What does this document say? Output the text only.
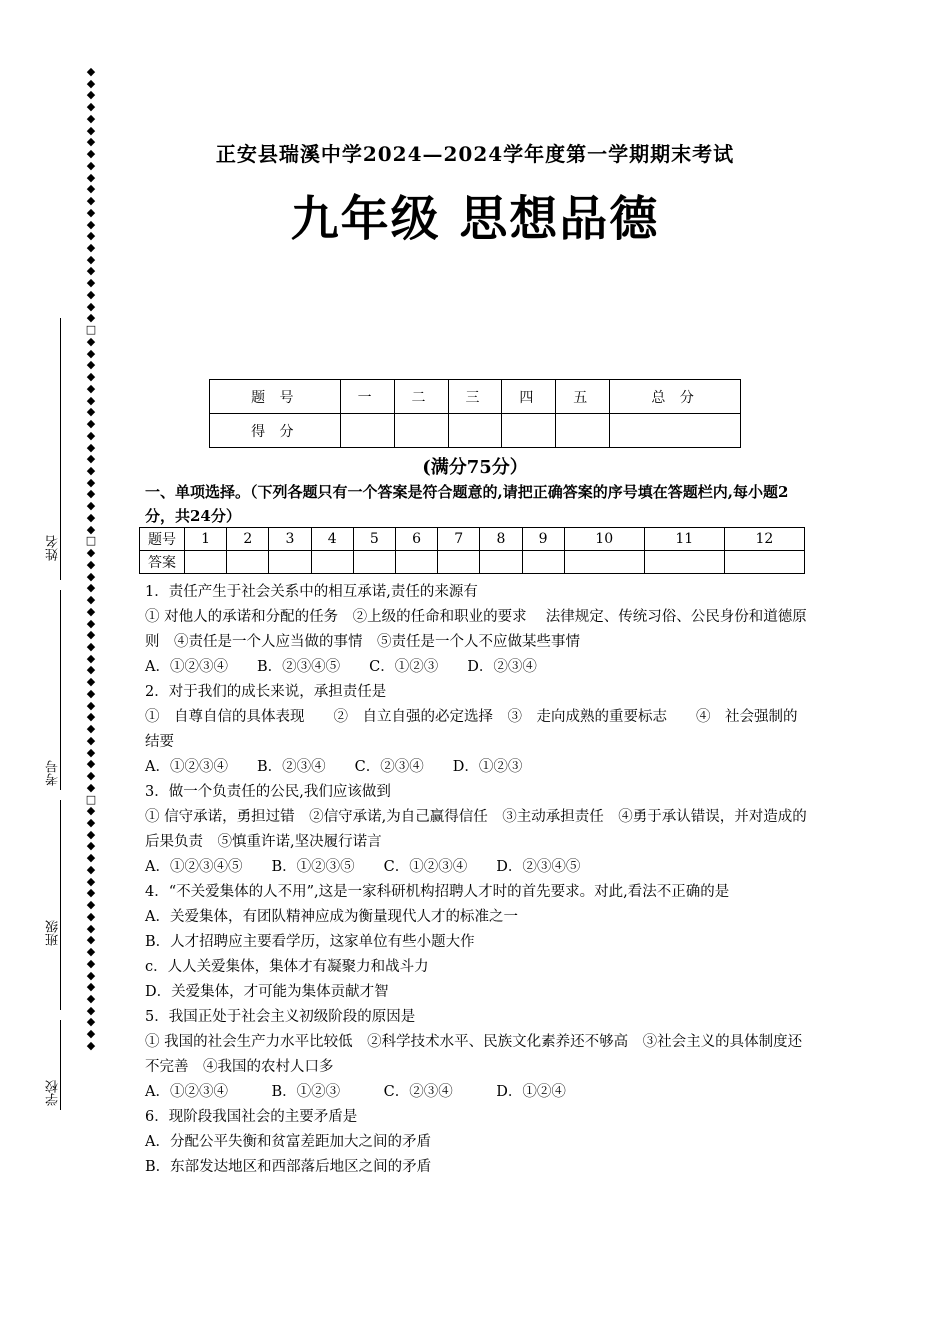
◆
◆
◆
◆
◆
◆
◆
◆
◆
◆
◆
◆
◆
◆
◆
◆
◆
◆
◆
◆
◆
◆
□
◆
◆
◆
◆
◆
◆
◆
◆
◆
◆
◆
◆
◆
◆
◆
◆
◆
□
◆
◆
◆
◆
◆
◆
◆
◆
◆
◆
◆
◆
◆
◆
◆
◆
◆
◆
◆
◆
◆
□
◆
◆
◆
◆
◆
◆
◆
◆
◆
◆
◆
◆
◆
◆
◆
◆
◆
◆
◆
◆
◆
姓名
考号
班级
学校
正安县瑞溪中学2024—2024学年度第一学期期末考试
九年级 思想品德
题 号	一	二	三	四	五	总 分
得 分						
(满分75分）
一、单项选择。（下列各题只有一个答案是符合题意的,请把正确答案的序号填在答题栏内,每小题2分，共24分）
题号	1	2	3	4	5	6	7	8	9	10	11	12
答案												

1．责任产生于社会关系中的相互承诺,责任的来源有

① 对他人的承诺和分配的任务　②上级的任命和职业的要求　 法律规定、传统习俗、公民身份和道德原则　④责任是一个人应当做的事情　⑤责任是一个人不应做某些事情

A．①②③④　　B．②③④⑤　　C．①②③　　D．②③④

2．对于我们的成长来说，承担责任是

①　自尊自信的具体表现　　②　自立自强的必定选择　③　走向成熟的重要标志　　④　社会强制的结要

A．①②③④　　B．②③④　　C．②③④　　D．①②③

3．做一个负责任的公民,我们应该做到

① 信守承诺，勇担过错　②信守承诺,为自己赢得信任　③主动承担责任　④勇于承认错误，并对造成的后果负责　⑤慎重许诺,坚决履行诺言

A．①②③④⑤　　B．①②③⑤　　C．①②③④　　D．②③④⑤

4．“不关爱集体的人不用”,这是一家科研机构招聘人才时的首先要求。对此,看法不正确的是

A．关爱集体，有团队精神应成为衡量现代人才的标准之一

B．人才招聘应主要看学历，这家单位有些小题大作

c．人人关爱集体，集体才有凝聚力和战斗力

D．关爱集体，才可能为集体贡献才智

5．我国正处于社会主义初级阶段的原因是

① 我国的社会生产力水平比较低　②科学技术水平、民族文化素养还不够高　③社会主义的具体制度还不完善　④我国的农村人口多

A．①②③④　　　B．①②③　　　C．②③④　　　D．①②④

6．现阶段我国社会的主要矛盾是

A．分配公平失衡和贫富差距加大之间的矛盾

B．东部发达地区和西部落后地区之间的矛盾
